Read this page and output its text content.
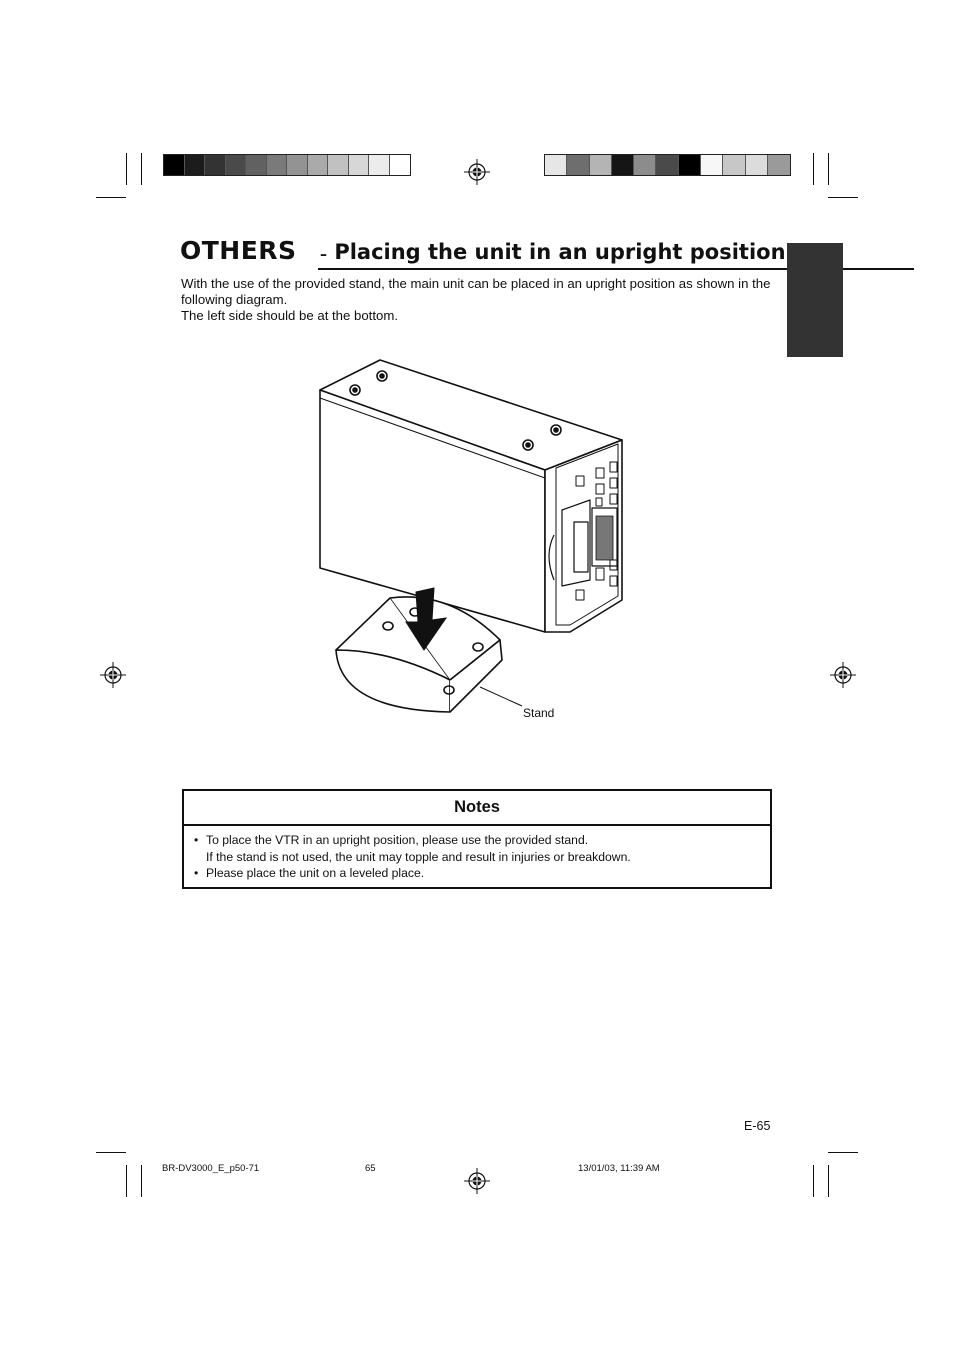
OTHERS – Placing the unit in an upright position

With the use of the provided stand, the main unit can be placed in an upright position as shown in the following diagram.

The left side should be at the bottom.

Stand
Notes
• To place the VTR in an upright position, please use the provided stand.
If the stand is not used, the unit may topple and result in injuries or breakdown.
• Please place the unit on a leveled place.
E-65
BR-DV3000_E_p50-71	65	13/01/03, 11:39 AM
